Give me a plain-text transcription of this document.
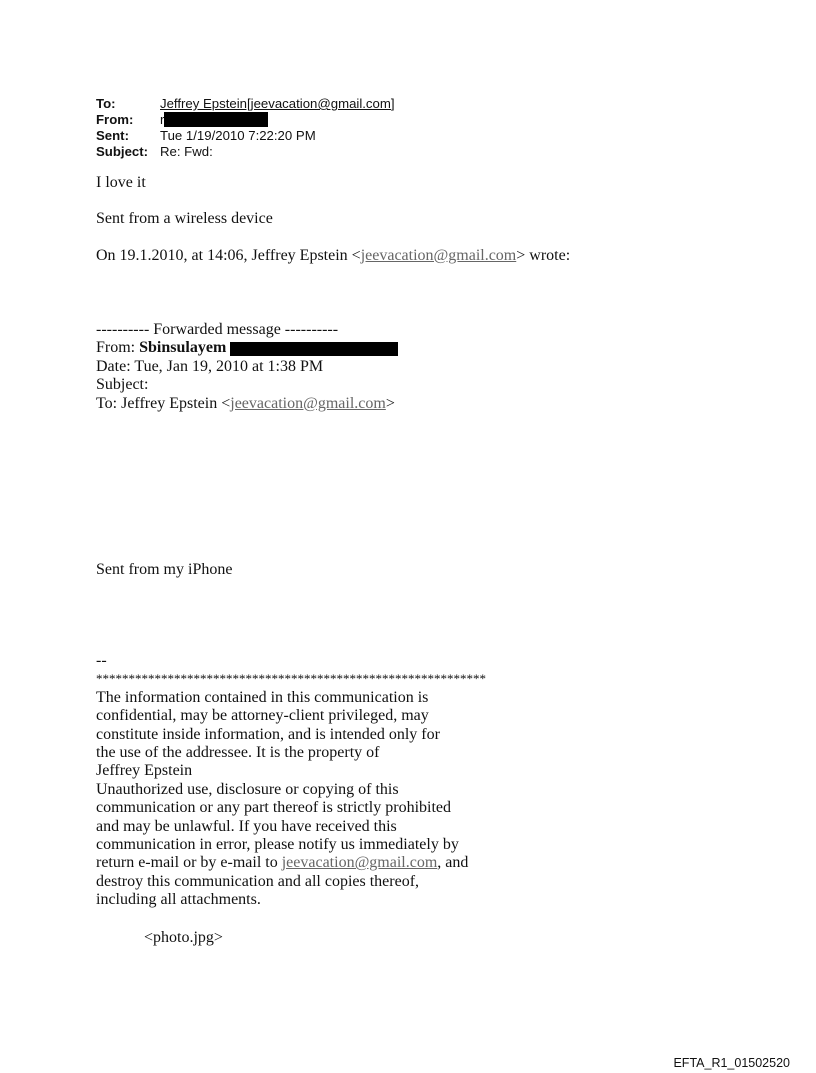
To:	Jeffrey Epstein[jeevacation@gmail.com]
From:	r
Sent:	Tue 1/19/2010 7:22:20 PM
Subject: Re: Fwd:
I love it
Sent from a wireless device
On 19.1.2010, at 14:06, Jeffrey Epstein <jeevacation@gmail.com> wrote:
---------- Forwarded message ----------
From: Sbinsulayem
Date: Tue, Jan 19, 2010 at 1:38 PM
Subject:
To: Jeffrey Epstein <jeevacation@gmail.com>
Sent from my iPhone
--
************************************************************
The information contained in this communication is
confidential, may be attorney-client privileged, may
constitute inside information, and is intended only for
the use of the addressee. It is the property of
Jeffrey Epstein
Unauthorized use, disclosure or copying of this
communication or any part thereof is strictly prohibited
and may be unlawful. If you have received this
communication in error, please notify us immediately by
return e-mail or by e-mail to jeevacation@gmail.com, and
destroy this communication and all copies thereof,
including all attachments.
<photo.jpg>
EFTA_R1_01502520
